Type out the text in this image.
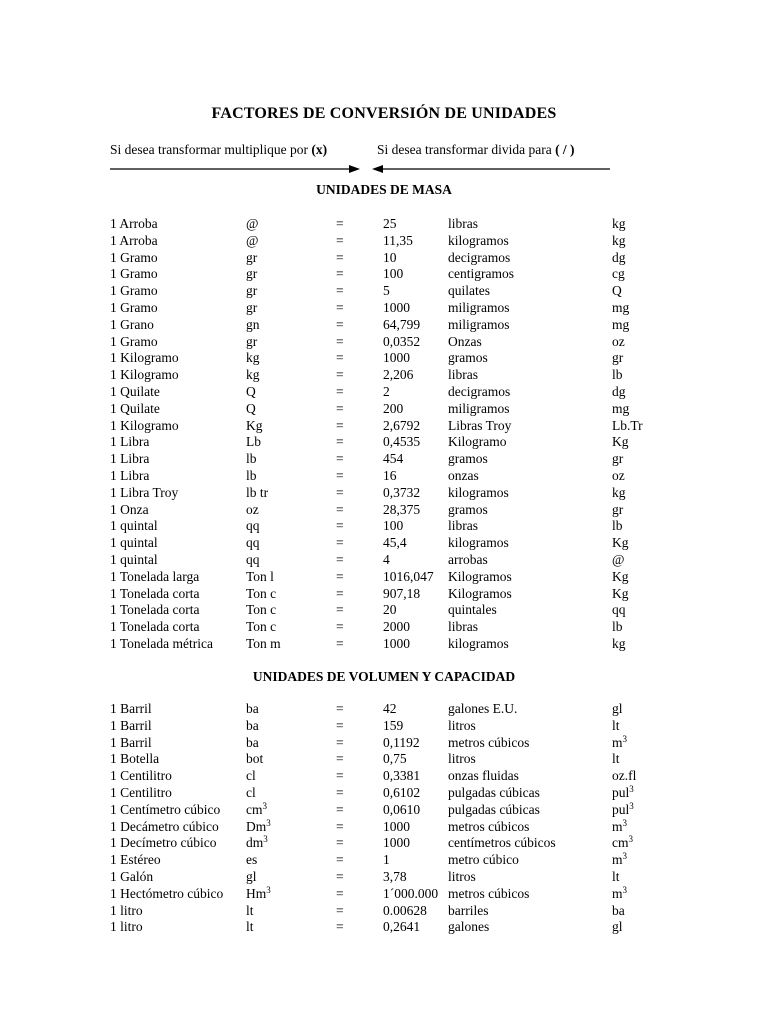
FACTORES DE CONVERSIÓN DE UNIDADES
Si desea transformar multiplique por (x)	Si desea transformar divida para ( / )
UNIDADES DE MASA
1 Arroba	@	=	25	libras	kg
1 Arroba	@	=	11,35	kilogramos	kg
1 Gramo	gr	=	10	decigramos	dg
1 Gramo	gr	=	100	centigramos	cg
1 Gramo	gr	=	5	quilates	Q
1 Gramo	gr	=	1000	miligramos	mg
1 Grano	gn	=	64,799 miligramos	mg
1 Gramo	gr	=	0,0352 Onzas	oz
1 Kilogramo	kg	=	1000	gramos	gr
1 Kilogramo	kg	=	2,206	libras	lb
1 Quilate	Q	=	2	decigramos	dg
1 Quilate	Q	=	200	miligramos	mg
1 Kilogramo	Kg	=	2,6792 Libras Troy	Lb.Tr
1 Libra	Lb	=	0,4535 Kilogramo	Kg
1 Libra	lb	=	454	gramos	gr
1 Libra	lb	=	16	onzas	oz
1 Libra Troy	lb tr	=	0,3732 kilogramos	kg
1 Onza	oz	=	28,375 gramos	gr
1 quintal	qq	=	100	libras	lb
1 quintal	qq	=	45,4	kilogramos	Kg
1 quintal	qq	=	4	arrobas	@
1 Tonelada larga	Ton l	=	1016,047 Kilogramos	Kg
1 Tonelada corta	Ton c	=	907,18 Kilogramos	Kg
1 Tonelada corta	Ton c	=	20	quintales	qq
1 Tonelada corta	Ton c	=	2000	libras	lb
1 Tonelada métrica Ton m	=	1000	kilogramos	kg
UNIDADES DE VOLUMEN Y CAPACIDAD
1 Barril	ba	=	42	galones E.U.	gl
1 Barril	ba	=	159	litros	lt
1 Barril	ba	=	0,1192 metros cúbicos	$m^3$
1 Botella	bot	=	0,75	litros	lt
1 Centilitro	cl	=	0,3381 onzas fluidas	oz.fl
1 Centilitro	cl	=	0,6102 pulgadas cúbicas	pul$^3$
1 Centímetro cúbico $cm^3$	=	0,0610 pulgadas cúbicas	pul$^3$
1 Decámetro cúbico $Dm^3$	=	1000	metros cúbicos	$m^3$
1 Decímetro cúbico $dm^3$	=	1000	centímetros cúbicos	$cm^3$
1 Estéreo	es	=	1	metro cúbico	$m^3$
1 Galón	gl	=	3,78	litros	lt
1 Hectómetro cúbico $Hm^3$	=	1´000.000 metros cúbicos	$m^3$
1 litro	lt	=	0.00628 barriles	ba
1 litro	lt	=	0,2641 galones	gl
